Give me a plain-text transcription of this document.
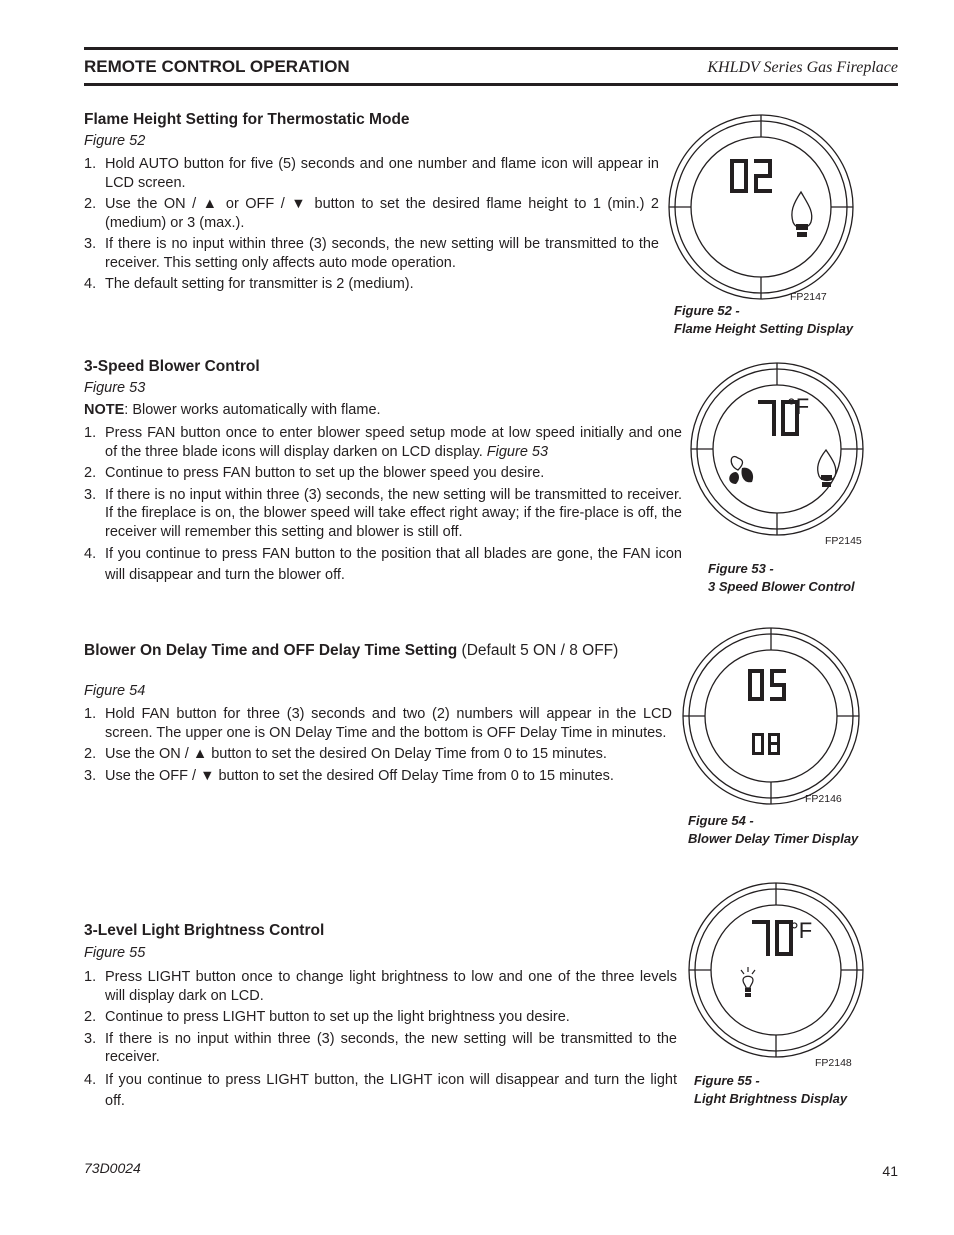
REMOTE CONTROL OPERATION	KHLDV Series Gas Fireplace
Flame Height Setting for Thermostatic Mode
Figure 52
1. Hold AUTO button for five (5) seconds and one number and flame icon will appear in LCD screen.
2. Use the ON / ▲ or OFF / ▼ button to set the desired flame height to 1 (min.) 2 (medium) or 3 (max.).
3. If there is no input within three (3) seconds, the new setting will be transmitted to the receiver. This setting only affects auto mode operation.
4. The default setting for transmitter is 2 (medium).
FP2147
Figure 52 -
Flame Height Setting Display
3-Speed Blower Control
Figure 53
NOTE: Blower works automatically with flame.
1. Press FAN button once to enter blower speed setup mode at low speed initially and one of the three blade icons will display darken on LCD display. Figure 53
2. Continue to press FAN button to set up the blower speed you desire.
3. If there is no input within three (3) seconds, the new setting will be transmitted to receiver. If the fireplace is on, the blower speed will take effect right away; if the fire-place is off, the receiver will remember this setting and blower is still off.
4. If you continue to press FAN button to the position that all blades are gone, the FAN icon will disappear and turn the blower off.
°F
FP2145
Figure 53 -
3 Speed Blower Control
Blower On Delay Time and OFF Delay Time Setting (Default 5 ON / 8 OFF)
Figure 54
1. Hold FAN button for three (3) seconds and two (2) numbers will appear in the LCD screen. The upper one is ON Delay Time and the bottom is OFF Delay Time in minutes.
2. Use the ON / ▲ button to set the desired On Delay Time from 0 to 15 minutes.
3. Use the OFF / ▼ button to set the desired Off Delay Time from 0 to 15 minutes.
FP2146
Figure 54 -
Blower Delay Timer Display
3-Level Light Brightness Control
Figure 55
1. Press LIGHT button once to change light brightness to low and one of the three levels will display dark on LCD.
2. Continue to press LIGHT button to set up the light brightness you desire.
3. If there is no input within three (3) seconds, the new setting will be transmitted to the receiver.
4. If you continue to press LIGHT button, the LIGHT icon will disappear and turn the light off.
°F
FP2148
Figure 55 -
Light Brightness Display
73D0024	41
